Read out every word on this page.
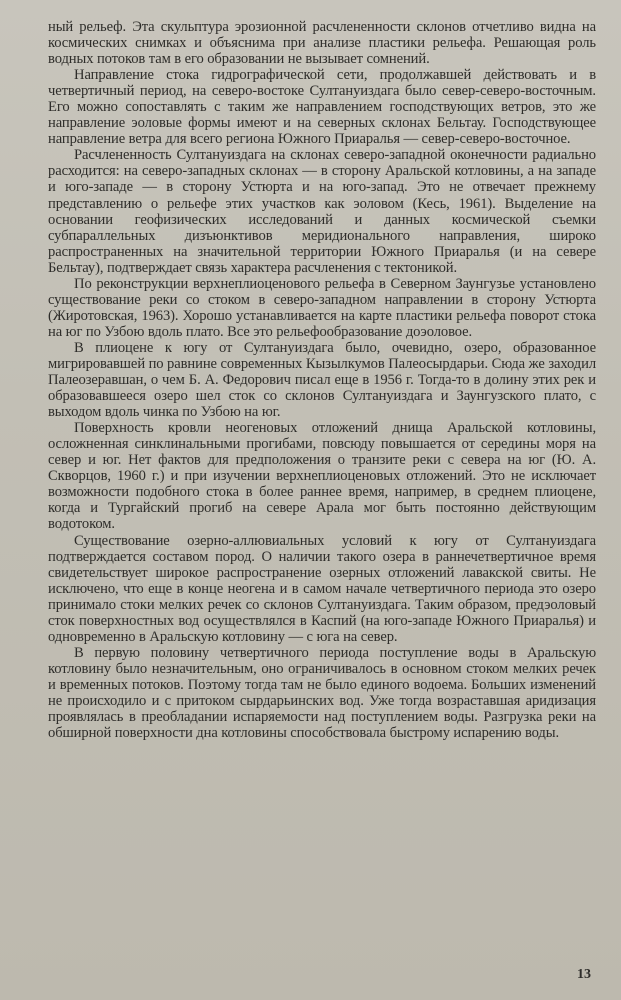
ный рельеф. Эта скульптура эрозионной расчлененности склонов отчетливо видна на космических снимках и объяснима при анализе пластики рельефа. Решающая роль водных потоков там в его образовании не вызывает сомнений.

Направление стока гидрографической сети, продолжавшей действовать и в четвертичный период, на северо-востоке Султануиздага было север-северо-восточным. Его можно сопоставлять с таким же направлением господствующих ветров, это же направление эоловые формы имеют и на северных склонах Бельтау. Господствующее направление ветра для всего региона Южного Приаралья — север-северо-восточное.

Расчлененность Султануиздага на склонах северо-западной оконечности радиально расходится: на северо-западных склонах — в сторону Аральской котловины, а на западе и юго-западе — в сторону Устюрта и на юго-запад. Это не отвечает прежнему представлению о рельефе этих участков как эоловом (Кесь, 1961). Выделение на основании геофизических исследований и данных космической съемки субпараллельных дизъюнктивов меридионального направления, широко распространенных на значительной территории Южного Приаралья (и на севере Бельтау), подтверждает связь характера расчленения с тектоникой.

По реконструкции верхнеплиоценового рельефа в Северном Заунгузье установлено существование реки со стоком в северо-западном направлении в сторону Устюрта (Жиротовская, 1963). Хорошо устанавливается на карте пластики рельефа поворот стока на юг по Узбою вдоль плато. Все это рельефообразование доэоловое.

В плиоцене к югу от Султануиздага было, очевидно, озеро, образованное мигрировавшей по равнине современных Кызылкумов Палеосырдарьи. Сюда же заходил Палеозеравшан, о чем Б. А. Федорович писал еще в 1956 г. Тогда-то в долину этих рек и образовавшееся озеро шел сток со склонов Султануиздага и Заунгузского плато, с выходом вдоль чинка по Узбою на юг.

Поверхность кровли неогеновых отложений днища Аральской котловины, осложненная синклинальными прогибами, повсюду повышается от середины моря на север и юг. Нет фактов для предположения о транзите реки с севера на юг (Ю. А. Скворцов, 1960 г.) и при изучении верхнеплиоценовых отложений. Это не исключает возможности подобного стока в более раннее время, например, в среднем плиоцене, когда и Тургайский прогиб на севере Арала мог быть постоянно действующим водотоком.

Существование озерно-аллювиальных условий к югу от Султануиздага подтверждается составом пород. О наличии такого озера в раннечетвертичное время свидетельствует широкое распространение озерных отложений лавакской свиты. Не исключено, что еще в конце неогена и в самом начале четвертичного периода это озеро принимало стоки мелких речек со склонов Султануиздага. Таким образом, предэоловый сток поверхностных вод осуществлялся в Каспий (на юго-западе Южного Приаралья) и одновременно в Аральскую котловину — с юга на север.

В первую половину четвертичного периода поступление воды в Аральскую котловину было незначительным, оно ограничивалось в основном стоком мелких речек и временных потоков. Поэтому тогда там не было единого водоема. Больших изменений не происходило и с притоком сырдарьинских вод. Уже тогда возраставшая аридизация проявлялась в преобладании испаряемости над поступлением воды. Разгрузка реки на обширной поверхности дна котловины способствовала быстрому испарению воды.

13
